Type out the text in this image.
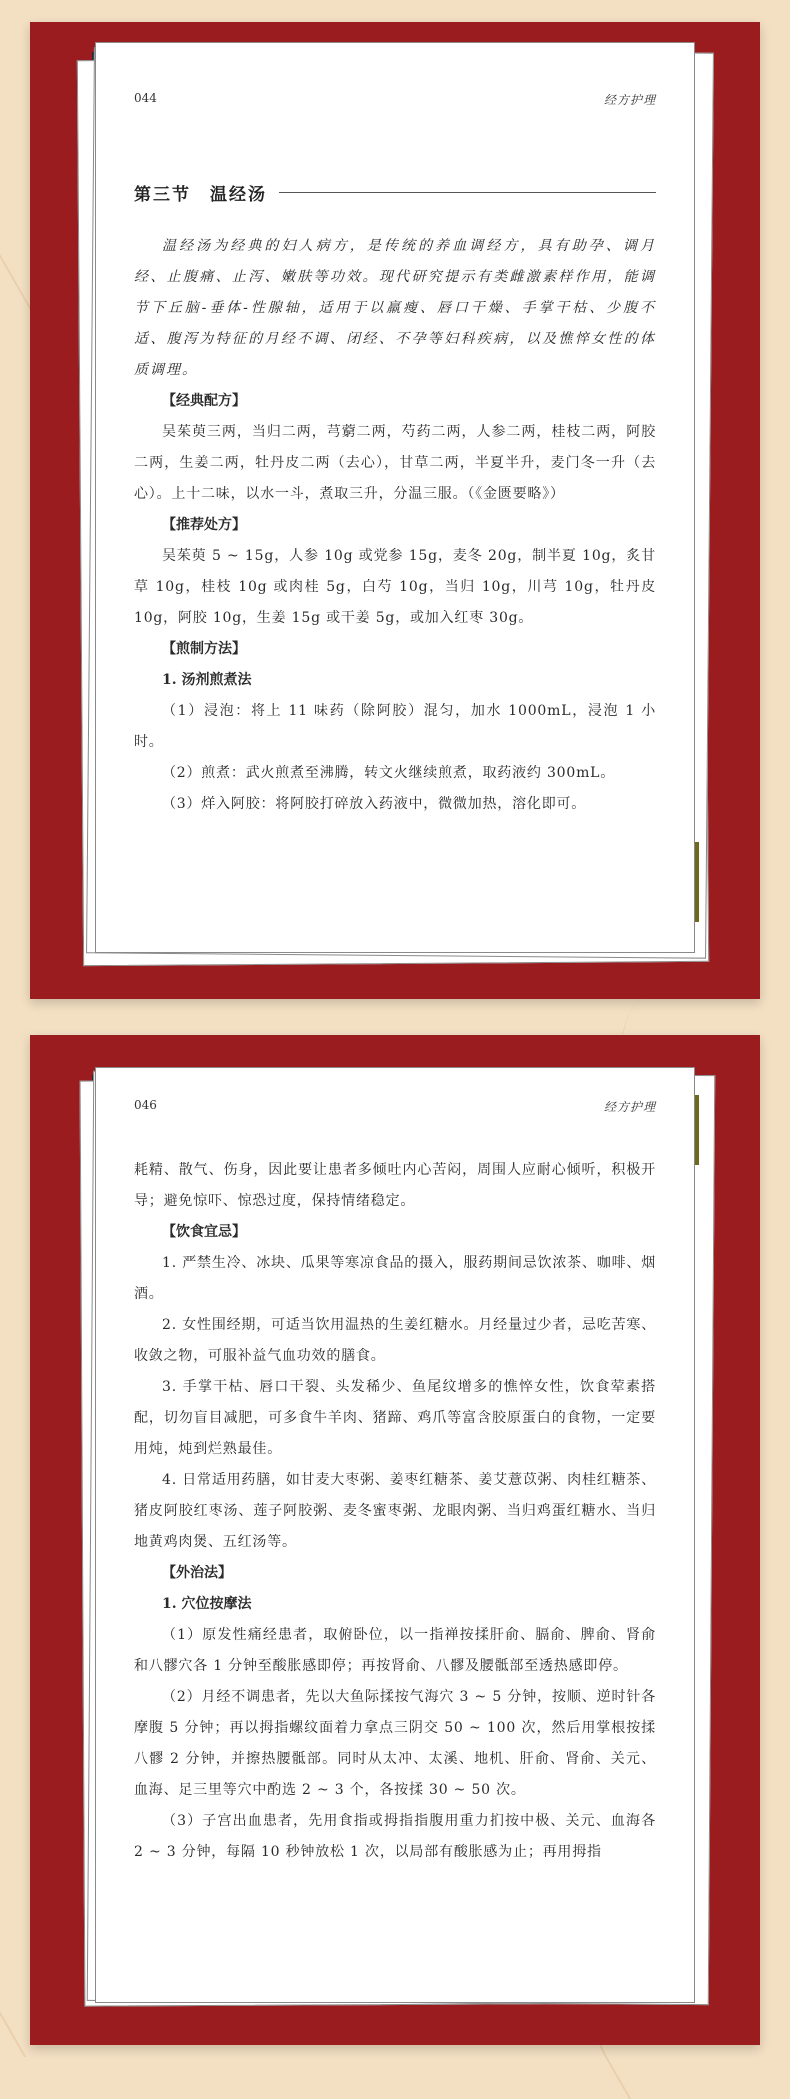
044	经方护理
第三节　温经汤

温经汤为经典的妇人病方，是传统的养血调经方，具有助孕、调月经、止腹痛、止泻、嫩肤等功效。现代研究提示有类雌激素样作用，能调节下丘脑-垂体-性腺轴，适用于以羸瘦、唇口干燥、手掌干枯、少腹不适、腹泻为特征的月经不调、闭经、不孕等妇科疾病，以及憔悴女性的体质调理。

【经典配方】

吴茱萸三两，当归二两，芎藭二两，芍药二两，人参二两，桂枝二两，阿胶二两，生姜二两，牡丹皮二两（去心），甘草二两，半夏半升，麦门冬一升（去心）。上十二味，以水一斗，煮取三升，分温三服。（《金匮要略》）

【推荐处方】

吴茱萸 5 ~ 15g，人参 10g 或党参 15g，麦冬 20g，制半夏 10g，炙甘草 10g，桂枝 10g 或肉桂 5g，白芍 10g，当归 10g，川芎 10g，牡丹皮 10g，阿胶 10g，生姜 15g 或干姜 5g，或加入红枣 30g。

【煎制方法】
1. 汤剂煎煮法

（1）浸泡：将上 11 味药（除阿胶）混匀，加水 1000mL，浸泡 1 小时。

（2）煎煮：武火煎煮至沸腾，转文火继续煎煮，取药液约 300mL。

（3）烊入阿胶：将阿胶打碎放入药液中，微微加热，溶化即可。

046	经方护理

耗精、散气、伤身，因此要让患者多倾吐内心苦闷，周围人应耐心倾听，积极开导；避免惊吓、惊恐过度，保持情绪稳定。

【饮食宜忌】

1. 严禁生冷、冰块、瓜果等寒凉食品的摄入，服药期间忌饮浓茶、咖啡、烟酒。

2. 女性围经期，可适当饮用温热的生姜红糖水。月经量过少者，忌吃苦寒、收敛之物，可服补益气血功效的膳食。

3. 手掌干枯、唇口干裂、头发稀少、鱼尾纹增多的憔悴女性，饮食荤素搭配，切勿盲目减肥，可多食牛羊肉、猪蹄、鸡爪等富含胶原蛋白的食物，一定要用炖，炖到烂熟最佳。

4. 日常适用药膳，如甘麦大枣粥、姜枣红糖茶、姜艾薏苡粥、肉桂红糖茶、猪皮阿胶红枣汤、莲子阿胶粥、麦冬蜜枣粥、龙眼肉粥、当归鸡蛋红糖水、当归地黄鸡肉煲、五红汤等。

【外治法】
1. 穴位按摩法

（1）原发性痛经患者，取俯卧位，以一指禅按揉肝俞、膈俞、脾俞、肾俞和八髎穴各 1 分钟至酸胀感即停；再按肾俞、八髎及腰骶部至透热感即停。

（2）月经不调患者，先以大鱼际揉按气海穴 3 ~ 5 分钟，按顺、逆时针各摩腹 5 分钟；再以拇指螺纹面着力拿点三阴交 50 ~ 100 次，然后用掌根按揉八髎 2 分钟，并擦热腰骶部。同时从太冲、太溪、地机、肝俞、肾俞、关元、血海、足三里等穴中酌选 2 ~ 3 个，各按揉 30 ~ 50 次。

（3）子宫出血患者，先用食指或拇指指腹用重力扪按中极、关元、血海各 2 ~ 3 分钟，每隔 10 秒钟放松 1 次，以局部有酸胀感为止；再用拇指
